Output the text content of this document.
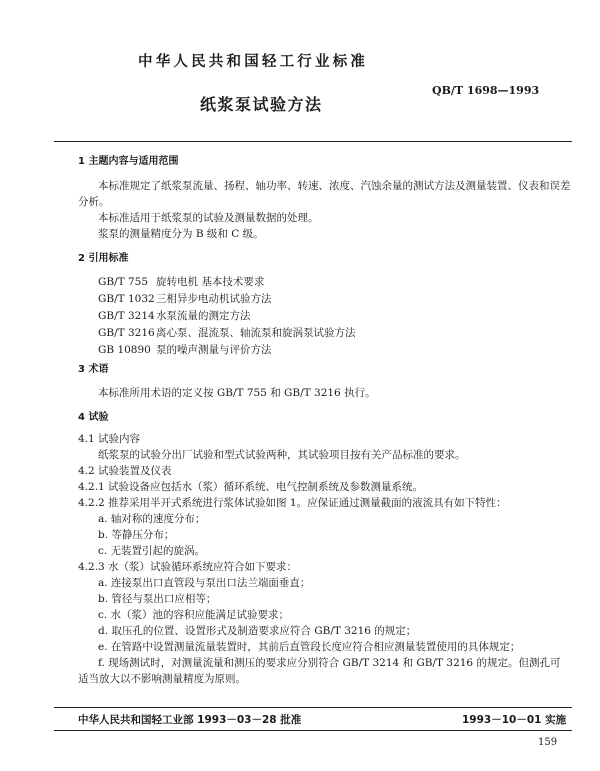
中华人民共和国轻工行业标准
QB/T 1698—1993
纸浆泵试验方法
1 主题内容与适用范围
本标准规定了纸浆泵流量、扬程、轴功率、转速、浓度、汽蚀余量的测试方法及测量装置、仪表和误差
分析。
本标准适用于纸浆泵的试验及测量数据的处理。
浆泵的测量精度分为 B 级和 C 级。
2 引用标准
GB/T 755 旋转电机 基本技术要求
GB/T 1032三相异步电动机试验方法
GB/T 3214水泵流量的测定方法
GB/T 3216离心泵、混流泵、轴流泵和旋涡泵试验方法
GB 10890 泵的噪声测量与评价方法
3 术语
本标准所用术语的定义按 GB/T 755 和 GB/T 3216 执行。
4 试验
4.1 试验内容
纸浆泵的试验分出厂试验和型式试验两种，其试验项目按有关产品标准的要求。
4.2 试验装置及仪表
4.2.1 试验设备应包括水（浆）循环系统、电气控制系统及参数测量系统。
4.2.2 推荐采用半开式系统进行浆体试验如图 1。应保证通过测量截面的液流具有如下特性：
a. 轴对称的速度分布；
b. 等静压分布；
c. 无装置引起的旋涡。
4.2.3 水（浆）试验循环系统应符合如下要求：
a. 连接泵出口直管段与泵出口法兰端面垂直；
b. 管径与泵出口应相等；
c. 水（浆）池的容积应能满足试验要求；
d. 取压孔的位置、设置形式及制造要求应符合 GB/T 3216 的规定；
e. 在管路中设置测量流量装置时，其前后直管段长度应符合相应测量装置使用的具体规定；
f. 现场测试时，对测量流量和测压的要求应分别符合 GB/T 3214 和 GB/T 3216 的规定。但测孔可
适当放大以不影响测量精度为原则。
中华人民共和国轻工业部 1993－03－28 批准	1993－10－01 实施
159
